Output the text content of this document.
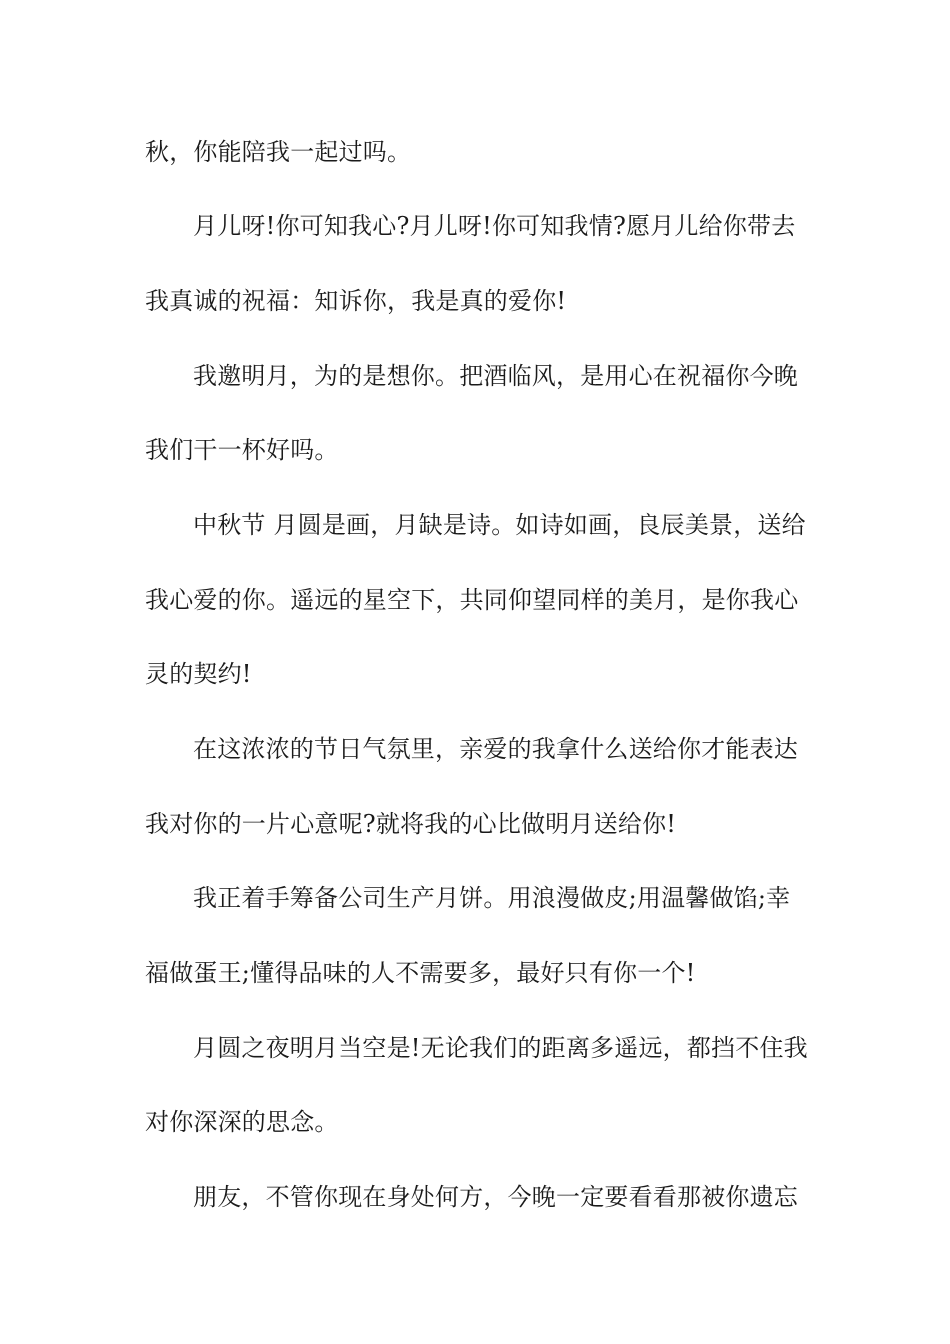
秋，你能陪我一起过吗。
月儿呀!你可知我心?月儿呀!你可知我情?愿月儿给你带去
我真诚的祝福：知诉你，我是真的爱你!
我邀明月，为的是想你。把酒临风，是用心在祝福你今晚
我们干一杯好吗。
中秋节 月圆是画，月缺是诗。如诗如画，良辰美景，送给
我心爱的你。遥远的星空下，共同仰望同样的美月，是你我心
灵的契约!
在这浓浓的节日气氛里，亲爱的我拿什么送给你才能表达
我对你的一片心意呢?就将我的心比做明月送给你!
我正着手筹备公司生产月饼。用浪漫做皮;用温馨做馅;幸
福做蛋王;懂得品味的人不需要多，最好只有你一个!
月圆之夜明月当空是!无论我们的距离多遥远，都挡不住我
对你深深的思念。
朋友，不管你现在身处何方，今晚一定要看看那被你遗忘
